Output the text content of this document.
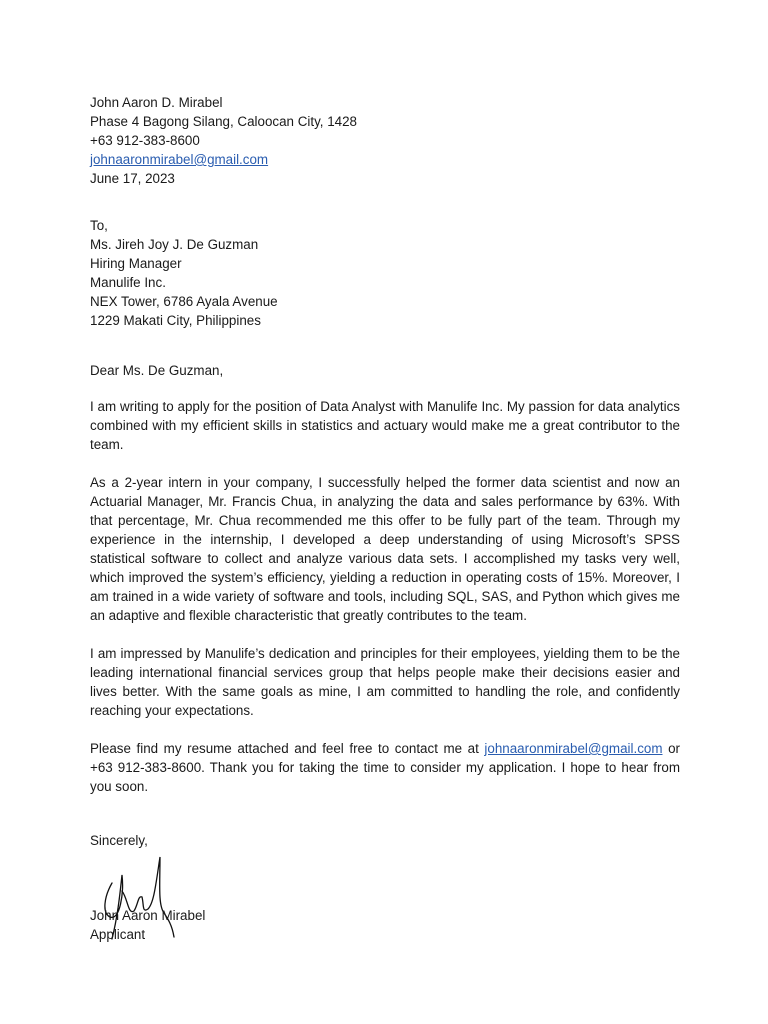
John Aaron D. Mirabel
Phase 4 Bagong Silang, Caloocan City, 1428
+63 912-383-8600
johnaaronmirabel@gmail.com
June 17, 2023
To,
Ms. Jireh Joy J. De Guzman
Hiring Manager
Manulife Inc.
NEX Tower, 6786 Ayala Avenue
1229 Makati City, Philippines
Dear Ms. De Guzman,

I am writing to apply for the position of Data Analyst with Manulife Inc. My passion for data analytics combined with my efficient skills in statistics and actuary would make me a great contributor to the team.

As a 2-year intern in your company, I successfully helped the former data scientist and now an Actuarial Manager, Mr. Francis Chua, in analyzing the data and sales performance by 63%. With that percentage, Mr. Chua recommended me this offer to be fully part of the team. Through my experience in the internship, I developed a deep understanding of using Microsoft’s SPSS statistical software to collect and analyze various data sets. I accomplished my tasks very well, which improved the system’s efficiency, yielding a reduction in operating costs of 15%. Moreover, I am trained in a wide variety of software and tools, including SQL, SAS, and Python which gives me an adaptive and flexible characteristic that greatly contributes to the team.

I am impressed by Manulife’s dedication and principles for their employees, yielding them to be the leading international financial services group that helps people make their decisions easier and lives better. With the same goals as mine, I am committed to handling the role, and confidently reaching your expectations.

Please find my resume attached and feel free to contact me at johnaaronmirabel@gmail.com or +63 912-383-8600. Thank you for taking the time to consider my application. I hope to hear from you soon.

Sincerely,
John Aaron Mirabel
Applicant
